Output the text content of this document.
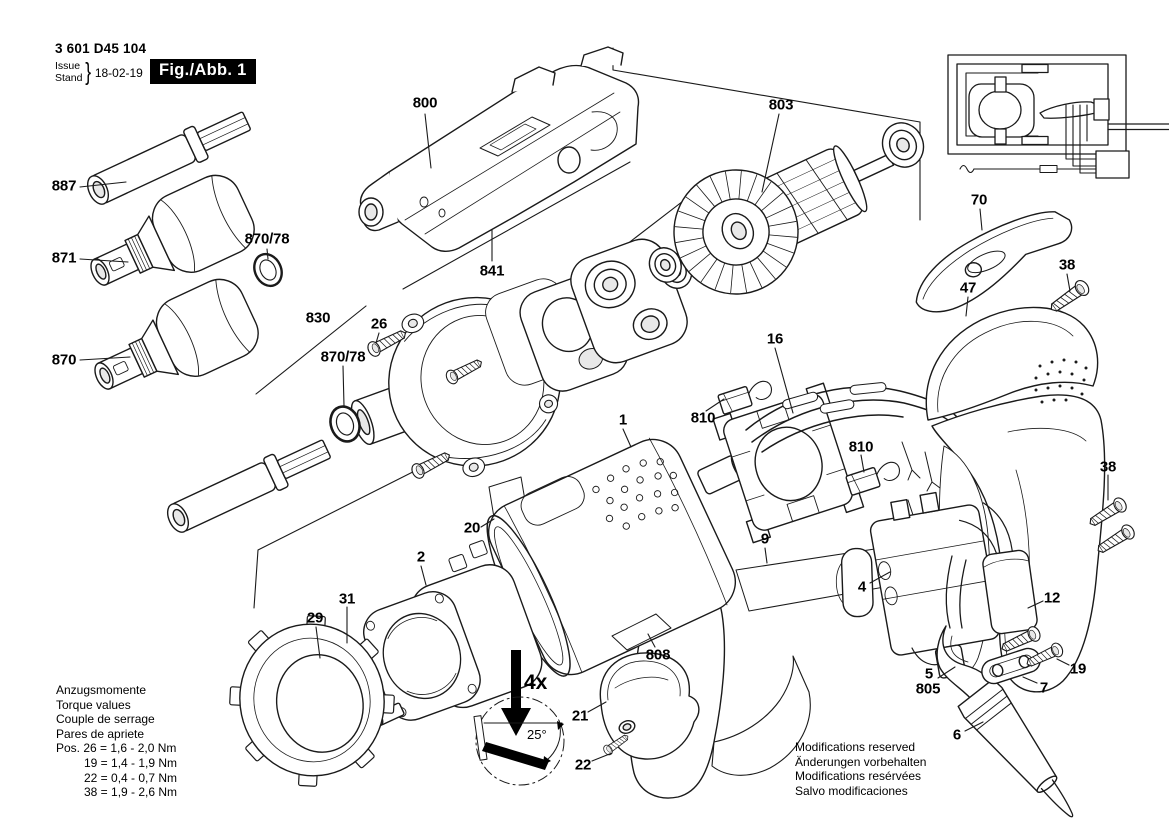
3 601 D45 104
Issue
Stand } 18-02-19 Fig./Abb. 1
800
887
871
870/78
870
830	26
870/78
841
803
70
38
47
16
810
810
1
20
2
9
31
29
808
4
12
21
22
5
805	7
19
6
38
4x
25°
Anzugsmomente
Torque values
Couple de serrage
Pares de apriete
Pos. 26 = 1,6 - 2,0 Nm
19 = 1,4 - 1,9 Nm
22 = 0,4 - 0,7 Nm
38 = 1,9 - 2,6 Nm
Modifications reserved
Änderungen vorbehalten
Modifications resérvées
Salvo modificaciones
